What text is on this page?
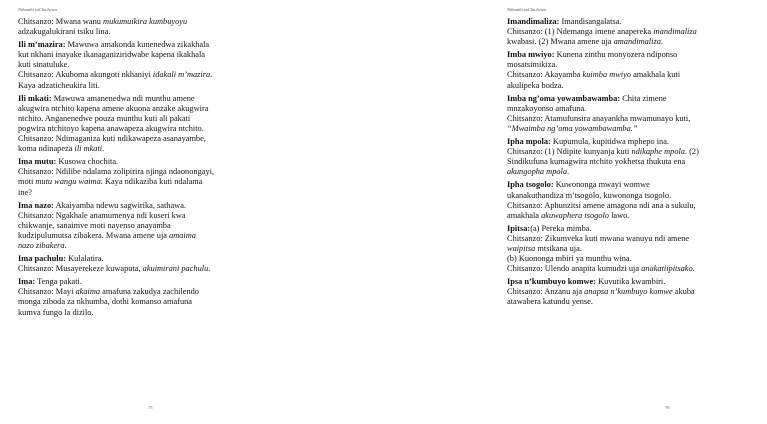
Nthanthi zaChichewa

Chitsanzo: Mwana wanu mukumuikira kumbuyoyu

adzakugalukirani tsiku lina.

Ili m’mazira: Mawuwa amakonda kunenedwa zikakhala

kut nkhani inayake ikanaganiziridwabe kapena ikakhala

kuti sinatuluke.

Chitsanzo: Akuboma akungoti nkhaniyi idakali m’mazira.

Kaya adzaticheukira liti.

Ili mkati: Mawuwa amanenedwa ndi munthu amene

akugwira ntchito kapena amene akuona anzake akugwira

ntchito. Anganenedwe pouza munthu kuti ali pakati

pogwira ntchitoyo kapena anawapeza akugwira ntchito.

Chitsanzo: Ndimaganiza kuti ndikawapeza asanayambe,

koma ndinapeza ili mkati.

Ima mutu: Kusowa chochita.

Chitsanzo: Ndilibe ndalama zolipirira njinga ndaonongayi,

moti mutu wangu waima. Kaya ndikaziba kuti ndalama

ine?

Ima nazo: Akaiyamba ndewu sagwirika, sathawa.

Chitsanzo: Ngakhale anamumenya ndi kuseri kwa

chikwanje, sanaimve moti nayenso anayamba

kudzipulumutsa zibakera. Mwana amene uja amaima

nazo zibakera.

Ima pachulu: Kulalatira.

Chitsanzo: Musayerekeze kuwaputa, akuimirani pachulu.

Ima: Tenga pakati.

Chitsanzo: Mayi akaima amafuna zakudya zachilendo

monga ziboda za nkhumba, dothi komanso amafuna

kumva fungo la dizilo.

75
Nthanthi zaChichewa

Imandimaliza: Imandisangalatsa.

Chitsanzo: (1) Ndemanga imene anapereka inandimaliza

kwabasi. (2) Mwana amene uja amandimaliza.

Imba mwiyo: Kunena zinthu monyozera ndiponso

mosatsimikiza.

Chitsanzo: Akayamba kuimba mwiyo amakhala kuti

akulipeka bodza.

Imba ng’oma yowambawamba: Chita zimene

mnzakoyonso amafuna.

Chitsanzo: Atamufunsira anayankha mwamunayo kuti,

“Mwaimba ng’oma yowambawamba.”

Ipha mpola: Kupumula, kupitidwa mphepo ina.

Chitsanzo: (1) Ndipite kunyanja kuti ndikaphe mpola. (2)

Sindikufuna kumagwira ntchito yokhetsa thukuta ena

akungopha mpola.

Ipha tsogolo: Kuwononga mwayi womwe

ukanakuthandiza m’tsogolo, kuwononga tsogolo.

Chitsanzo: Aphunzitsi amene amagona ndi ana a sukulu,

amakhala akuwaphera tsogolo lawo.

Ipitsa:(a) Pereka mimba.

Chitsanzo: Zikumveka kuti mwana wanuyu ndi amene

waipitsa mtsikana uja.

(b) Kuononga mbiri ya munthu wina.

Chitsanzo: Ulendo anapita kumudzi uja anakatiipitsako.

Ipsa n’kumbuyo komwe: Kuvutika kwambiri.

Chitsanzo: Anzanu aja anapsa n’kumbuyo komwe akuba

atawabera katundu yense.

76
